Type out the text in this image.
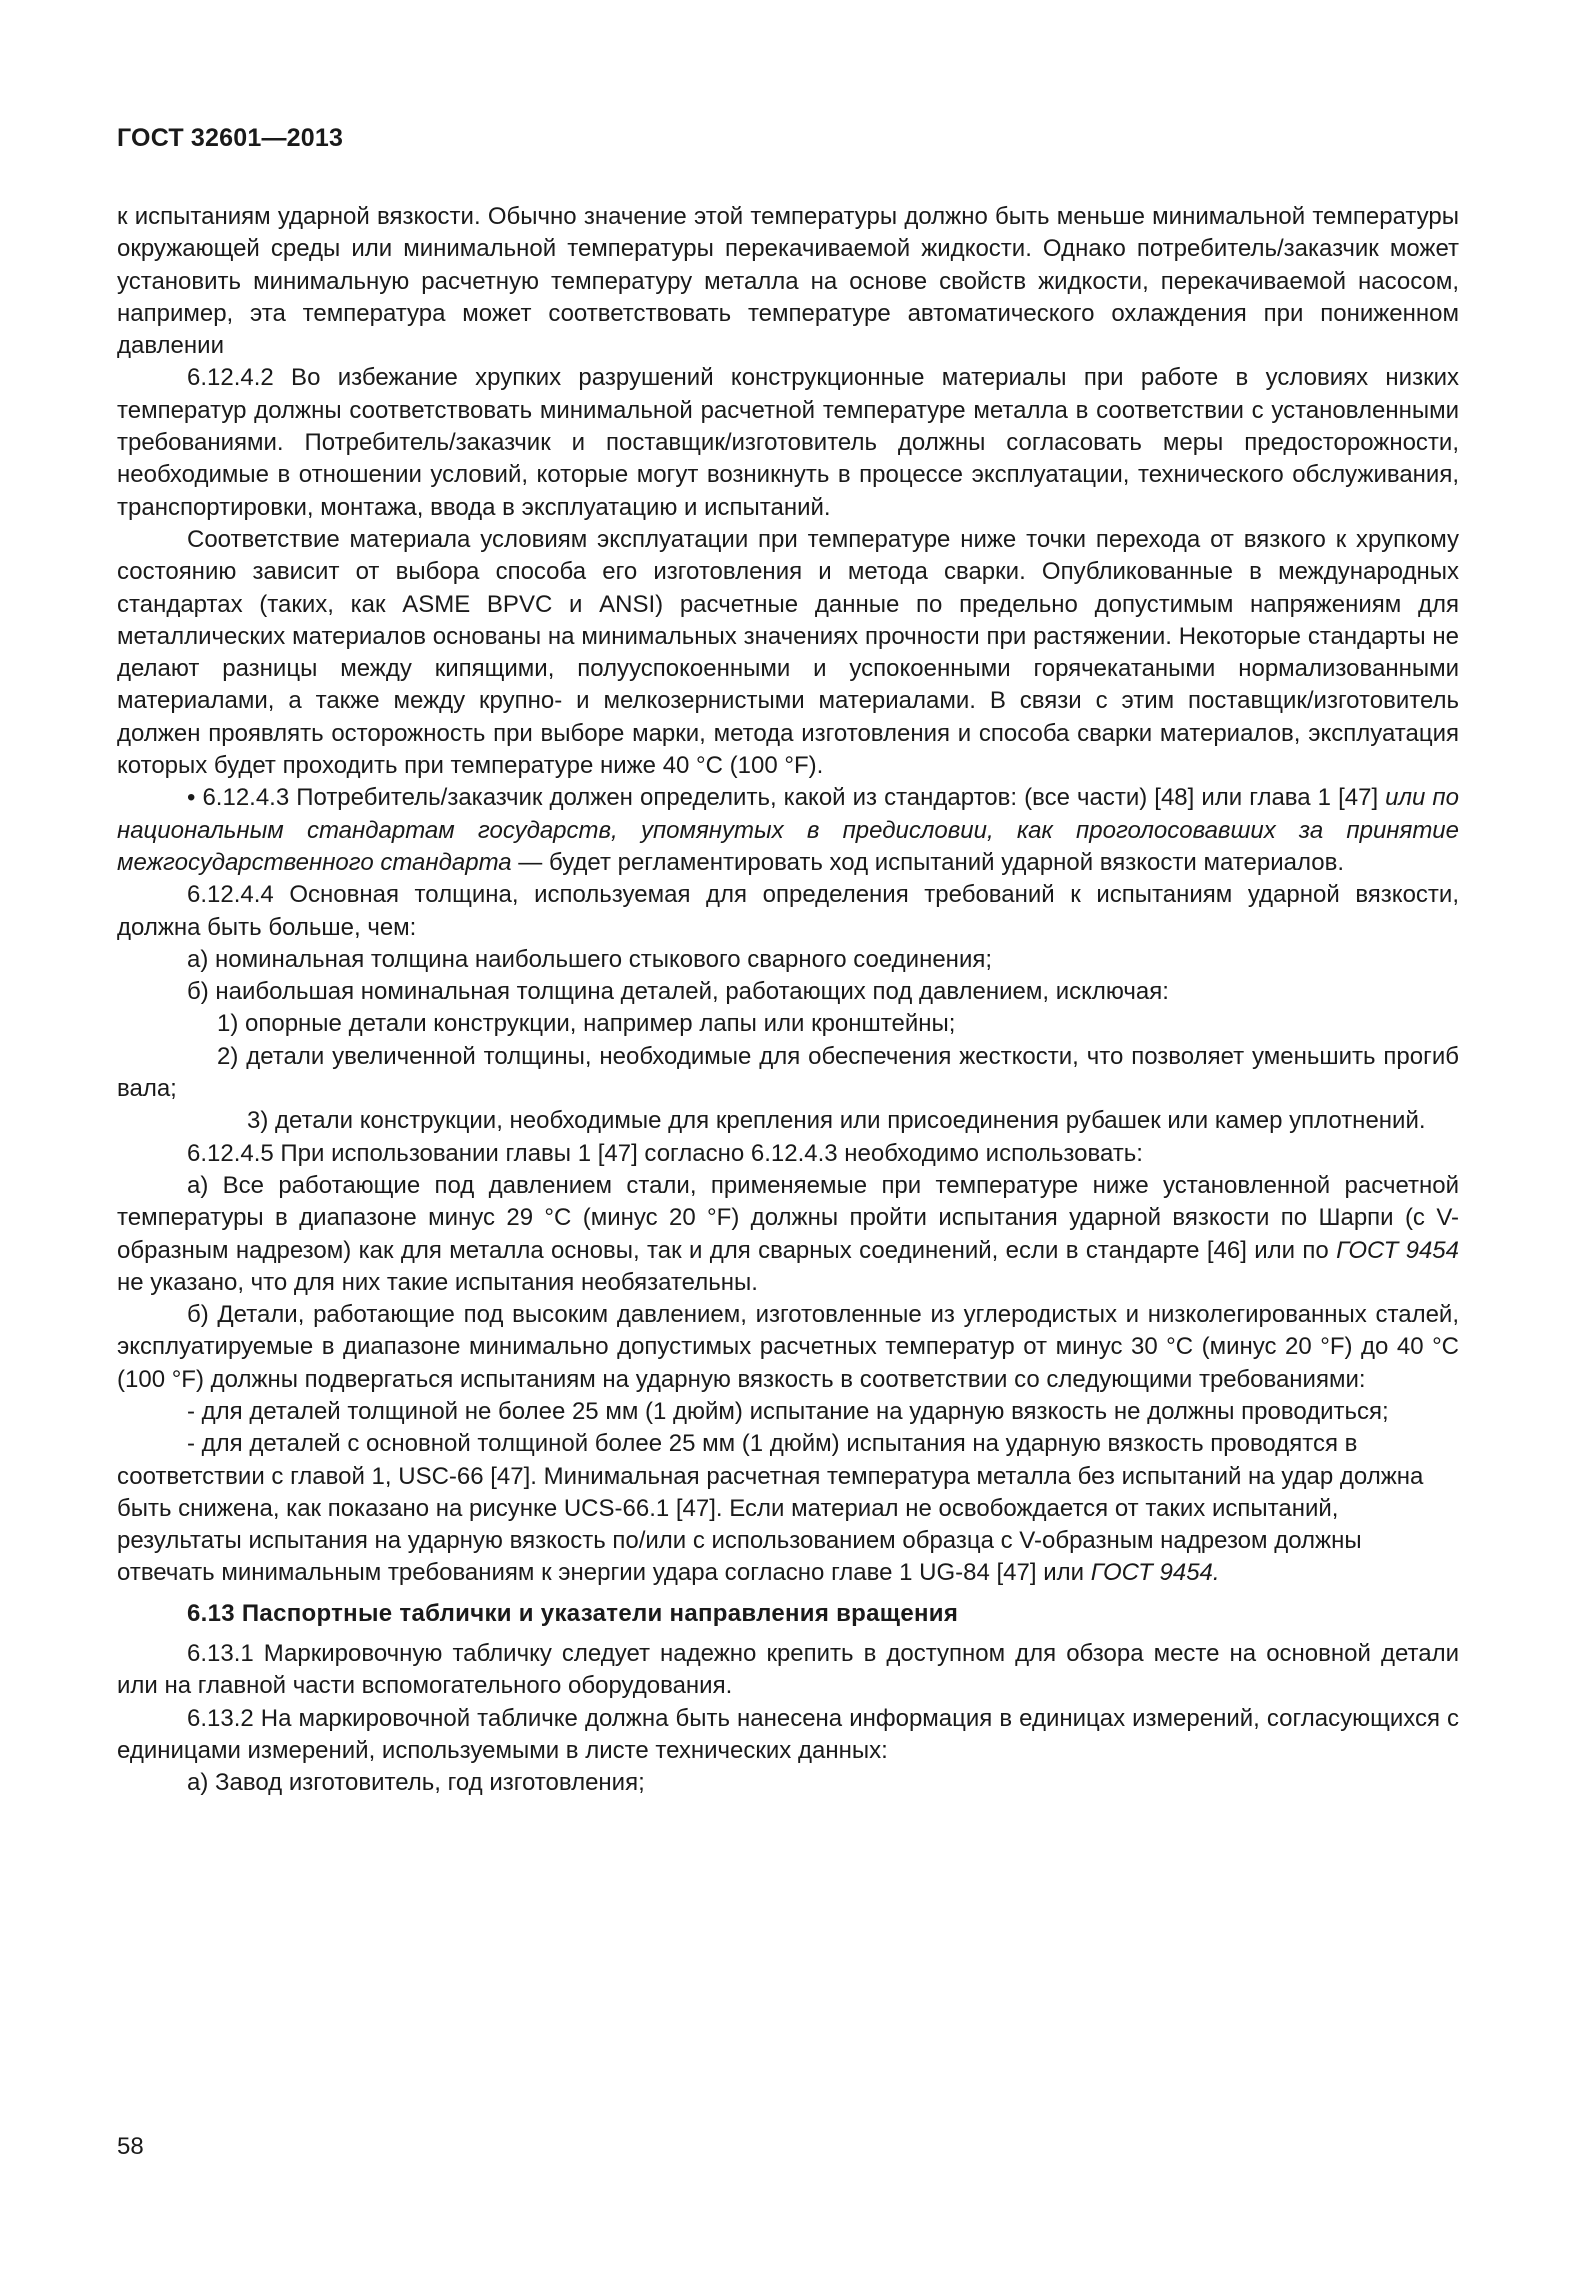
ГОСТ 32601—2013

к испытаниям ударной вязкости. Обычно значение этой температуры должно быть меньше минимальной температуры окружающей среды или минимальной температуры перекачиваемой жидкости. Однако потребитель/заказчик может установить минимальную расчетную температуру металла на основе свойств жидкости, перекачиваемой насосом, например, эта температура может соответствовать температуре автоматического охлаждения при пониженном давлении

6.12.4.2 Во избежание хрупких разрушений конструкционные материалы при работе в условиях низких температур должны соответствовать минимальной расчетной температуре металла в соответствии с установленными требованиями. Потребитель/заказчик и поставщик/изготовитель должны согласовать меры предосторожности, необходимые в отношении условий, которые могут возникнуть в процессе эксплуатации, технического обслуживания, транспортировки, монтажа, ввода в эксплуатацию и испытаний.

Соответствие материала условиям эксплуатации при температуре ниже точки перехода от вязкого к хрупкому состоянию зависит от выбора способа его изготовления и метода сварки. Опубликованные в международных стандартах (таких, как ASME BPVC и ANSI) расчетные данные по предельно допустимым напряжениям для металлических материалов основаны на минимальных значениях прочности при растяжении. Некоторые стандарты не делают разницы между кипящими, полууспокоенными и успокоенными горячекатаными нормализованными материалами, а также между крупно- и мелкозернистыми материалами. В связи с этим поставщик/изготовитель должен проявлять осторожность при выборе марки, метода изготовления и способа сварки материалов, эксплуатация которых будет проходить при температуре ниже 40 °C (100 °F).

• 6.12.4.3 Потребитель/заказчик должен определить, какой из стандартов: (все части) [48] или глава 1 [47] или по национальным стандартам государств, упомянутых в предисловии, как проголосовавших за принятие межгосударственного стандарта — будет регламентировать ход испытаний ударной вязкости материалов.

6.12.4.4 Основная толщина, используемая для определения требований к испытаниям ударной вязкости, должна быть больше, чем:

а) номинальная толщина наибольшего стыкового сварного соединения;

б) наибольшая номинальная толщина деталей, работающих под давлением, исключая:

1) опорные детали конструкции, например лапы или кронштейны;

2) детали увеличенной толщины, необходимые для обеспечения жесткости, что позволяет уменьшить прогиб вала;

3) детали конструкции, необходимые для крепления или присоединения рубашек или камер уплотнений.

6.12.4.5 При использовании главы 1 [47] согласно 6.12.4.3 необходимо использовать:

а) Все работающие под давлением стали, применяемые при температуре ниже установленной расчетной температуры в диапазоне минус 29 °C (минус 20 °F) должны пройти испытания ударной вязкости по Шарпи (с V-образным надрезом) как для металла основы, так и для сварных соединений, если в стандарте [46] или по ГОСТ 9454 не указано, что для них такие испытания необязательны.

б) Детали, работающие под высоким давлением, изготовленные из углеродистых и низколегированных сталей, эксплуатируемые в диапазоне минимально допустимых расчетных температур от минус 30 °C (минус 20 °F) до 40 °C (100 °F) должны подвергаться испытаниям на ударную вязкость в соответствии со следующими требованиями:

- для деталей толщиной не более 25 мм (1 дюйм) испытание на ударную вязкость не должны проводиться;

- для деталей с основной толщиной более 25 мм (1 дюйм) испытания на ударную вязкость проводятся в соответствии с главой 1, USC-66 [47]. Минимальная расчетная температура металла без испытаний на удар должна быть снижена, как показано на рисунке UCS-66.1 [47]. Если материал не освобождается от таких испытаний, результаты испытания на ударную вязкость по/или с использованием образца с V-образным надрезом должны отвечать минимальным требованиям к энергии удара согласно главе 1 UG-84 [47] или ГОСТ 9454.

6.13 Паспортные таблички и указатели направления вращения

6.13.1 Маркировочную табличку следует надежно крепить в доступном для обзора месте на основной детали или на главной части вспомогательного оборудования.

6.13.2 На маркировочной табличке должна быть нанесена информация в единицах измерений, согласующихся с единицами измерений, используемыми в листе технических данных:

а) Завод изготовитель, год изготовления;

58
